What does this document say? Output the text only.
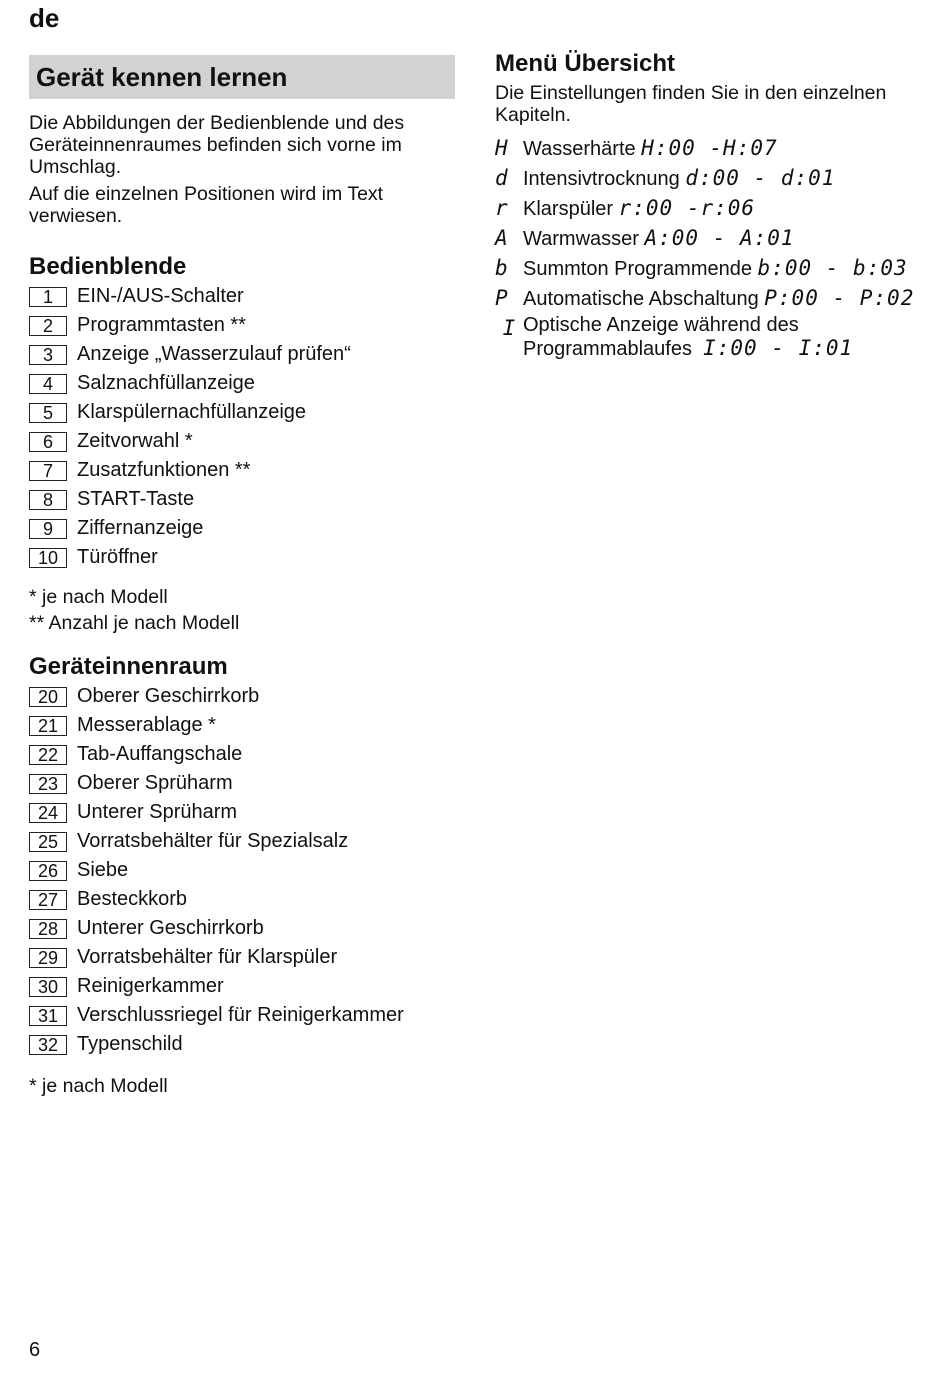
de
Gerät kennen lernen

Die Abbildungen der Bedienblende und des Geräteinnenraumes befinden sich vorne im Umschlag.

Auf die einzelnen Positionen wird im Text verwiesen.

Bedienblende
1	EIN-/AUS-Schalter
2	Programmtasten **
3	Anzeige „Wasserzulauf prüfen“
4	Salznachfüllanzeige
5	Klarspülernachfüllanzeige
6	Zeitvorwahl *
7	Zusatzfunktionen **
8	START-Taste
9	Ziffernanzeige
10 Türöffner
* je nach Modell
** Anzahl je nach Modell
Geräteinnenraum
20 Oberer Geschirrkorb
21 Messerablage *
22 Tab-Auffangschale
23 Oberer Sprüharm
24 Unterer Sprüharm
25 Vorratsbehälter für Spezialsalz
26 Siebe
27 Besteckkorb
28 Unterer Geschirrkorb
29 Vorratsbehälter für Klarspüler
30 Reinigerkammer
31 Verschlussriegel für Reinigerkammer
32 Typenschild
* je nach Modell
Menü Übersicht

Die Einstellungen finden Sie in den einzelnen Kapiteln.

H Wasserhärte H:00 -H:07
d Intensivtrocknung d:00 - d:01
r Klarspüler r:00 -r:06
A Warmwasser A:00 - A:01
b Summton Programmende b:00 - b:03
P Automatische Abschaltung P:00 - P:02
I Optische Anzeige während des
Programmablaufes I:00 - I:01
6
